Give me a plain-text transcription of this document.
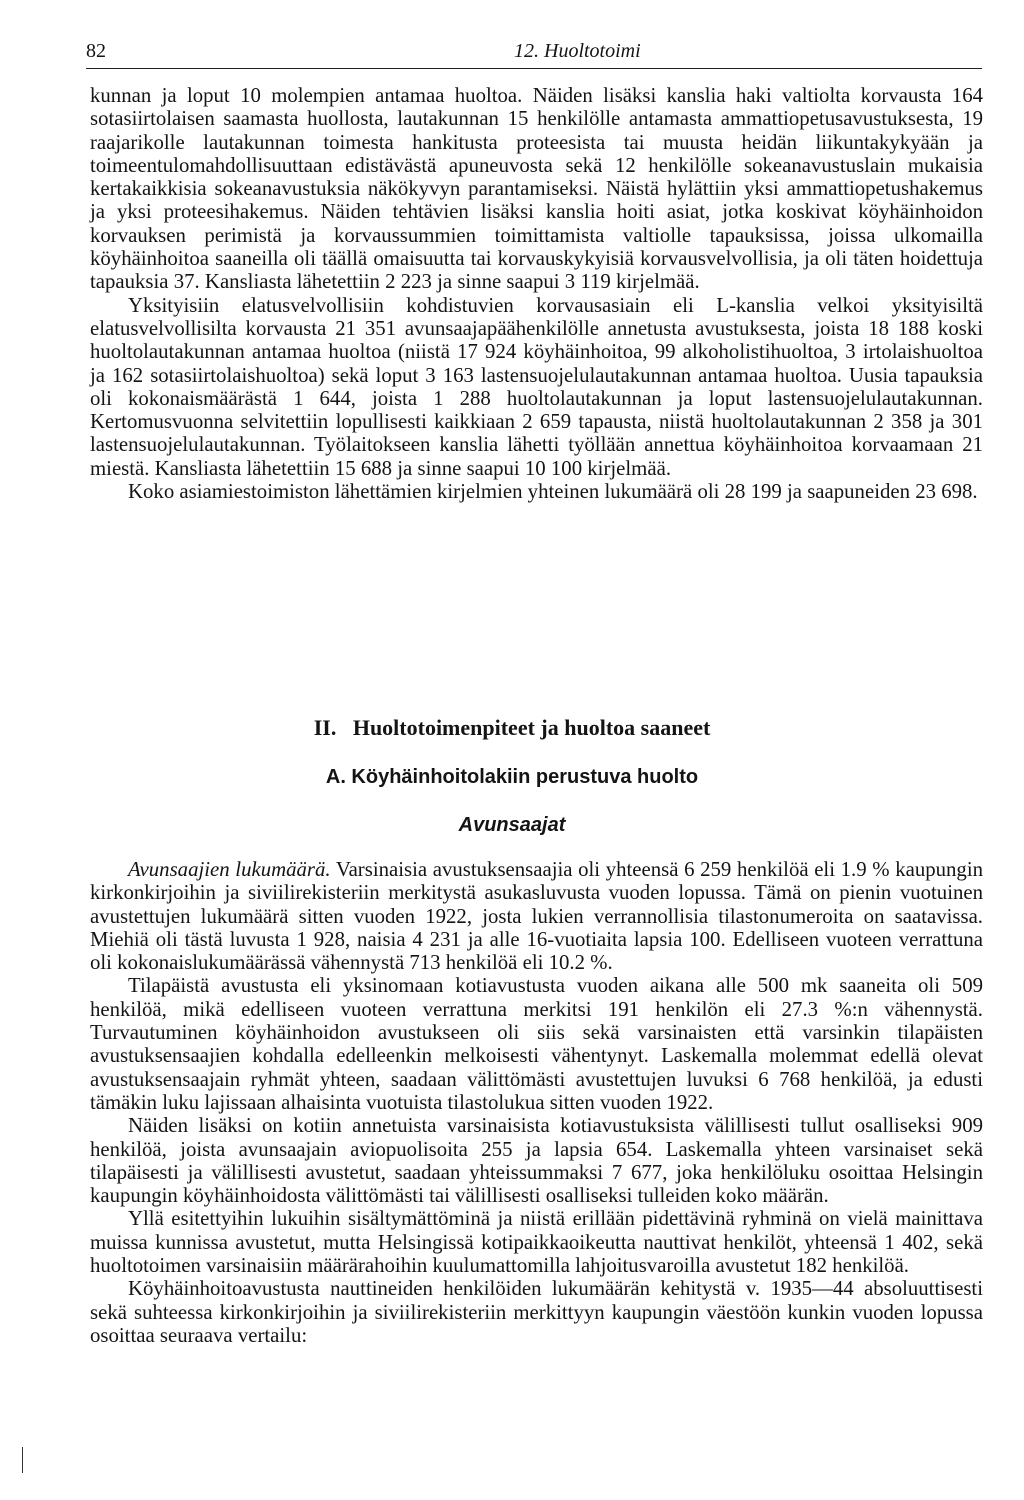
82	12. Huoltotoimi

kunnan ja loput 10 molempien antamaa huoltoa. Näiden lisäksi kanslia haki valtiolta korvausta 164 sotasiirtolaisen saamasta huollosta, lautakunnan 15 henkilölle antamasta ammattiopetusavustuksesta, 19 raajarikolle lautakunnan toimesta hankitusta proteesista tai muusta heidän liikuntakykyään ja toimeentulomahdollisuuttaan edistävästä apuneuvosta sekä 12 henkilölle sokeanavustuslain mukaisia kertakaikkisia sokeanavustuksia näkökyvyn parantamiseksi. Näistä hylättiin yksi ammattiopetushakemus ja yksi proteesihakemus. Näiden tehtävien lisäksi kanslia hoiti asiat, jotka koskivat köyhäinhoidon korvauksen perimistä ja korvaussummien toimittamista valtiolle tapauksissa, joissa ulkomailla köyhäinhoitoa saaneilla oli täällä omaisuutta tai korvauskykyisiä korvausvelvollisia, ja oli täten hoidettuja tapauksia 37. Kansliasta lähetettiin 2 223 ja sinne saapui 3 119 kirjelmää.

Yksityisiin elatusvelvollisiin kohdistuvien korvausasiain eli L-kanslia velkoi yksityisiltä elatusvelvollisilta korvausta 21 351 avunsaajapäähenkilölle annetusta avustuksesta, joista 18 188 koski huoltolautakunnan antamaa huoltoa (niistä 17 924 köyhäinhoitoa, 99 alkoholistihuoltoa, 3 irtolaishuoltoa ja 162 sotasiirtolaishuoltoa) sekä loput 3 163 lastensuojelulautakunnan antamaa huoltoa. Uusia tapauksia oli kokonaismäärästä 1 644, joista 1 288 huoltolautakunnan ja loput lastensuojelulautakunnan. Kertomusvuonna selvitettiin lopullisesti kaikkiaan 2 659 tapausta, niistä huoltolautakunnan 2 358 ja 301 lastensuojelulautakunnan. Työlaitokseen kanslia lähetti työllään annettua köyhäinhoitoa korvaamaan 21 miestä. Kansliasta lähetettiin 15 688 ja sinne saapui 10 100 kirjelmää.

Koko asiamiestoimiston lähettämien kirjelmien yhteinen lukumäärä oli 28 199 ja saapuneiden 23 698.

II.   Huoltotoimenpiteet ja huoltoa saaneet
A. Köyhäinhoitolakiin perustuva huolto
Avunsaajat

Avunsaajien lukumäärä. Varsinaisia avustuksensaajia oli yhteensä 6 259 henkilöä eli 1.9 % kaupungin kirkonkirjoihin ja siviilirekisteriin merkitystä asukasluvusta vuoden lopussa. Tämä on pienin vuotuinen avustettujen lukumäärä sitten vuoden 1922, josta lukien verrannollisia tilastonumeroita on saatavissa. Miehiä oli tästä luvusta 1 928, naisia 4 231 ja alle 16-vuotiaita lapsia 100. Edelliseen vuoteen verrattuna oli kokonaislukumäärässä vähennystä 713 henkilöä eli 10.2 %.

Tilapäistä avustusta eli yksinomaan kotiavustusta vuoden aikana alle 500 mk saaneita oli 509 henkilöä, mikä edelliseen vuoteen verrattuna merkitsi 191 henkilön eli 27.3 %:n vähennystä. Turvautuminen köyhäinhoidon avustukseen oli siis sekä varsinaisten että varsinkin tilapäisten avustuksensaajien kohdalla edelleenkin melkoisesti vähentynyt. Laskemalla molemmat edellä olevat avustuksensaajain ryhmät yhteen, saadaan välittömästi avustettujen luvuksi 6 768 henkilöä, ja edusti tämäkin luku lajissaan alhaisinta vuotuista tilastolukua sitten vuoden 1922.

Näiden lisäksi on kotiin annetuista varsinaisista kotiavustuksista välillisesti tullut osalliseksi 909 henkilöä, joista avunsaajain aviopuolisoita 255 ja lapsia 654. Laskemalla yhteen varsinaiset sekä tilapäisesti ja välillisesti avustetut, saadaan yhteissummaksi 7 677, joka henkilöluku osoittaa Helsingin kaupungin köyhäinhoidosta välittömästi tai välillisesti osalliseksi tulleiden koko määrän.

Yllä esitettyihin lukuihin sisältymättöminä ja niistä erillään pidettävinä ryhminä on vielä mainittava muissa kunnissa avustetut, mutta Helsingissä kotipaikkaoikeutta nauttivat henkilöt, yhteensä 1 402, sekä huoltotoimen varsinaisiin määrärahoihin kuulumattomilla lahjoitusvaroilla avustetut 182 henkilöä.

Köyhäinhoitoavustusta nauttineiden henkilöiden lukumäärän kehitystä v. 1935—44 absoluuttisesti sekä suhteessa kirkonkirjoihin ja siviilirekisteriin merkittyyn kaupungin väestöön kunkin vuoden lopussa osoittaa seuraava vertailu:
